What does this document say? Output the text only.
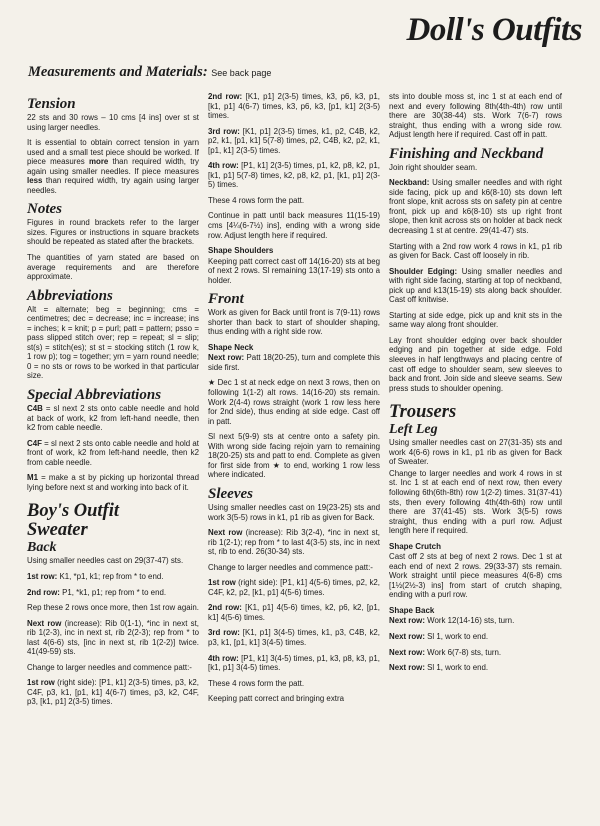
Doll's Outfits
Measurements and Materials: See back page
Tension

22 sts and 30 rows – 10 cms [4 ins] over st st using larger needles.

It is essential to obtain correct tension in yarn used and a small test piece should be worked. If piece measures more than required width, try again using smaller needles. If piece measures less than required width, try again using larger needles.

Notes

Figures in round brackets refer to the larger sizes. Figures or instructions in square brackets should be repeated as stated after the brackets.

The quantities of yarn stated are based on average requirements and are therefore approximate.

Abbreviations

Alt = alternate; beg = beginning; cms = centimetres; dec = decrease; inc = increase; ins = inches; k = knit; p = purl; patt = pattern; psso = pass slipped stitch over; rep = repeat; sl = slip; st(s) = stitch(es); st st = stocking stitch (1 row k, 1 row p); tog = together; yrn = yarn round needle; 0 = no sts or rows to be worked in that particular size.

Special Abbreviations

C4B = sl next 2 sts onto cable needle and hold at back of work, k2 from left-hand needle, then k2 from cable needle.

C4F = sl next 2 sts onto cable needle and hold at front of work, k2 from left-hand needle, then k2 from cable needle.

M1 = make a st by picking up horizontal thread lying before next st and working into back of it.

Boy's Outfit
Sweater
Back

Using smaller needles cast on 29(37-47) sts.

1st row: K1, *p1, k1; rep from * to end.

2nd row: P1, *k1, p1; rep from * to end.

Rep these 2 rows once more, then 1st row again.

Next row (increase): Rib 0(1-1), *inc in next st, rib 1(2-3), inc in next st, rib 2(2-3); rep from * to last 4(6-6) sts, [inc in next st, rib 1(2-2)] twice. 41(49-59) sts.

Change to larger needles and commence patt:-

1st row (right side): [P1, k1] 2(3-5) times, p3, k2, C4F, p3, k1, [p1, k1] 4(6-7) times, p3, k2, C4F, p3, [k1, p1] 2(3-5) times.

2nd row: [K1, p1] 2(3-5) times, k3, p6, k3, p1, [k1, p1] 4(6-7) times, k3, p6, k3, [p1, k1] 2(3-5) times.

3rd row: [K1, p1] 2(3-5) times, k1, p2, C4B, k2, p2, k1, [p1, k1] 5(7-8) times, p2, C4B, k2, p2, k1, [p1, k1] 2(3-5) times.

4th row: [P1, k1] 2(3-5) times, p1, k2, p8, k2, p1, [k1, p1] 5(7-8) times, k2, p8, k2, p1, [k1, p1] 2(3-5) times.

These 4 rows form the patt.

Continue in patt until back measures 11(15-19) cms [4¼(6-7½) ins], ending with a wrong side row. Adjust length here if required.

Shape Shoulders

Keeping patt correct cast off 14(16-20) sts at beg of next 2 rows. Sl remaining 13(17-19) sts onto a holder.

Front

Work as given for Back until front is 7(9-11) rows shorter than back to start of shoulder shaping, thus ending with a right side row.

Shape Neck

Next row: Patt 18(20-25), turn and complete this side first.

★ Dec 1 st at neck edge on next 3 rows, then on following 1(1-2) alt rows. 14(16-20) sts remain. Work 2(4-4) rows straight (work 1 row less here for 2nd side), thus ending at side edge. Cast off in patt.

Sl next 5(9-9) sts at centre onto a safety pin. With wrong side facing rejoin yarn to remaining 18(20-25) sts and patt to end. Complete as given for first side from ★ to end, working 1 row less where indicated.

Sleeves

Using smaller needles cast on 19(23-25) sts and work 3(5-5) rows in k1, p1 rib as given for Back.

Next row (increase): Rib 3(2-4), *inc in next st, rib 1(2-1); rep from * to last 4(3-5) sts, inc in next st, rib to end. 26(30-34) sts.

Change to larger needles and commence patt:-

1st row (right side): [P1, k1] 4(5-6) times, p2, k2, C4F, k2, p2, [k1, p1] 4(5-6) times.

2nd row: [K1, p1] 4(5-6) times, k2, p6, k2, [p1, k1] 4(5-6) times.

3rd row: [K1, p1] 3(4-5) times, k1, p3, C4B, k2, p3, k1, [p1, k1] 3(4-5) times.

4th row: [P1, k1] 3(4-5) times, p1, k3, p8, k3, p1, [k1, p1] 3(4-5) times.

These 4 rows form the patt.

Keeping patt correct and bringing extra

sts into double moss st, inc 1 st at each end of next and every following 8th(4th-4th) row until there are 30(38-44) sts. Work 7(6-7) rows straight, thus ending with a wrong side row. Adjust length here if required. Cast off in patt.

Finishing and Neckband

Join right shoulder seam.

Neckband: Using smaller needles and with right side facing, pick up and k6(8-10) sts down left front slope, knit across sts on safety pin at centre front, pick up and k6(8-10) sts up right front slope, then knit across sts on holder at back neck decreasing 1 st at centre. 29(41-47) sts.

Starting with a 2nd row work 4 rows in k1, p1 rib as given for Back. Cast off loosely in rib.

Shoulder Edging: Using smaller needles and with right side facing, starting at top of neckband, pick up and k13(15-19) sts along back shoulder. Cast off knitwise.

Starting at side edge, pick up and knit sts in the same way along front shoulder.

Lay front shoulder edging over back shoulder edging and pin together at side edge. Fold sleeves in half lengthways and placing centre of cast off edge to shoulder seam, sew sleeves to back and front. Join side and sleeve seams. Sew press studs to shoulder opening.

Trousers
Left Leg

Using smaller needles cast on 27(31-35) sts and work 4(6-6) rows in k1, p1 rib as given for Back of Sweater.

Change to larger needles and work 4 rows in st st. Inc 1 st at each end of next row, then every following 6th(6th-8th) row 1(2-2) times. 31(37-41) sts, then every following 4th(4th-6th) row until there are 37(41-45) sts. Work 3(5-5) rows straight, thus ending with a purl row. Adjust length here if required.

Shape Crutch

Cast off 2 sts at beg of next 2 rows. Dec 1 st at each end of next 2 rows. 29(33-37) sts remain. Work straight until piece measures 4(6-8) cms [1½(2½-3) ins] from start of crutch shaping, ending with a purl row.

Shape Back

Next row: Work 12(14-16) sts, turn.

Next row: Sl 1, work to end.

Next row: Work 6(7-8) sts, turn.

Next row: Sl 1, work to end.
